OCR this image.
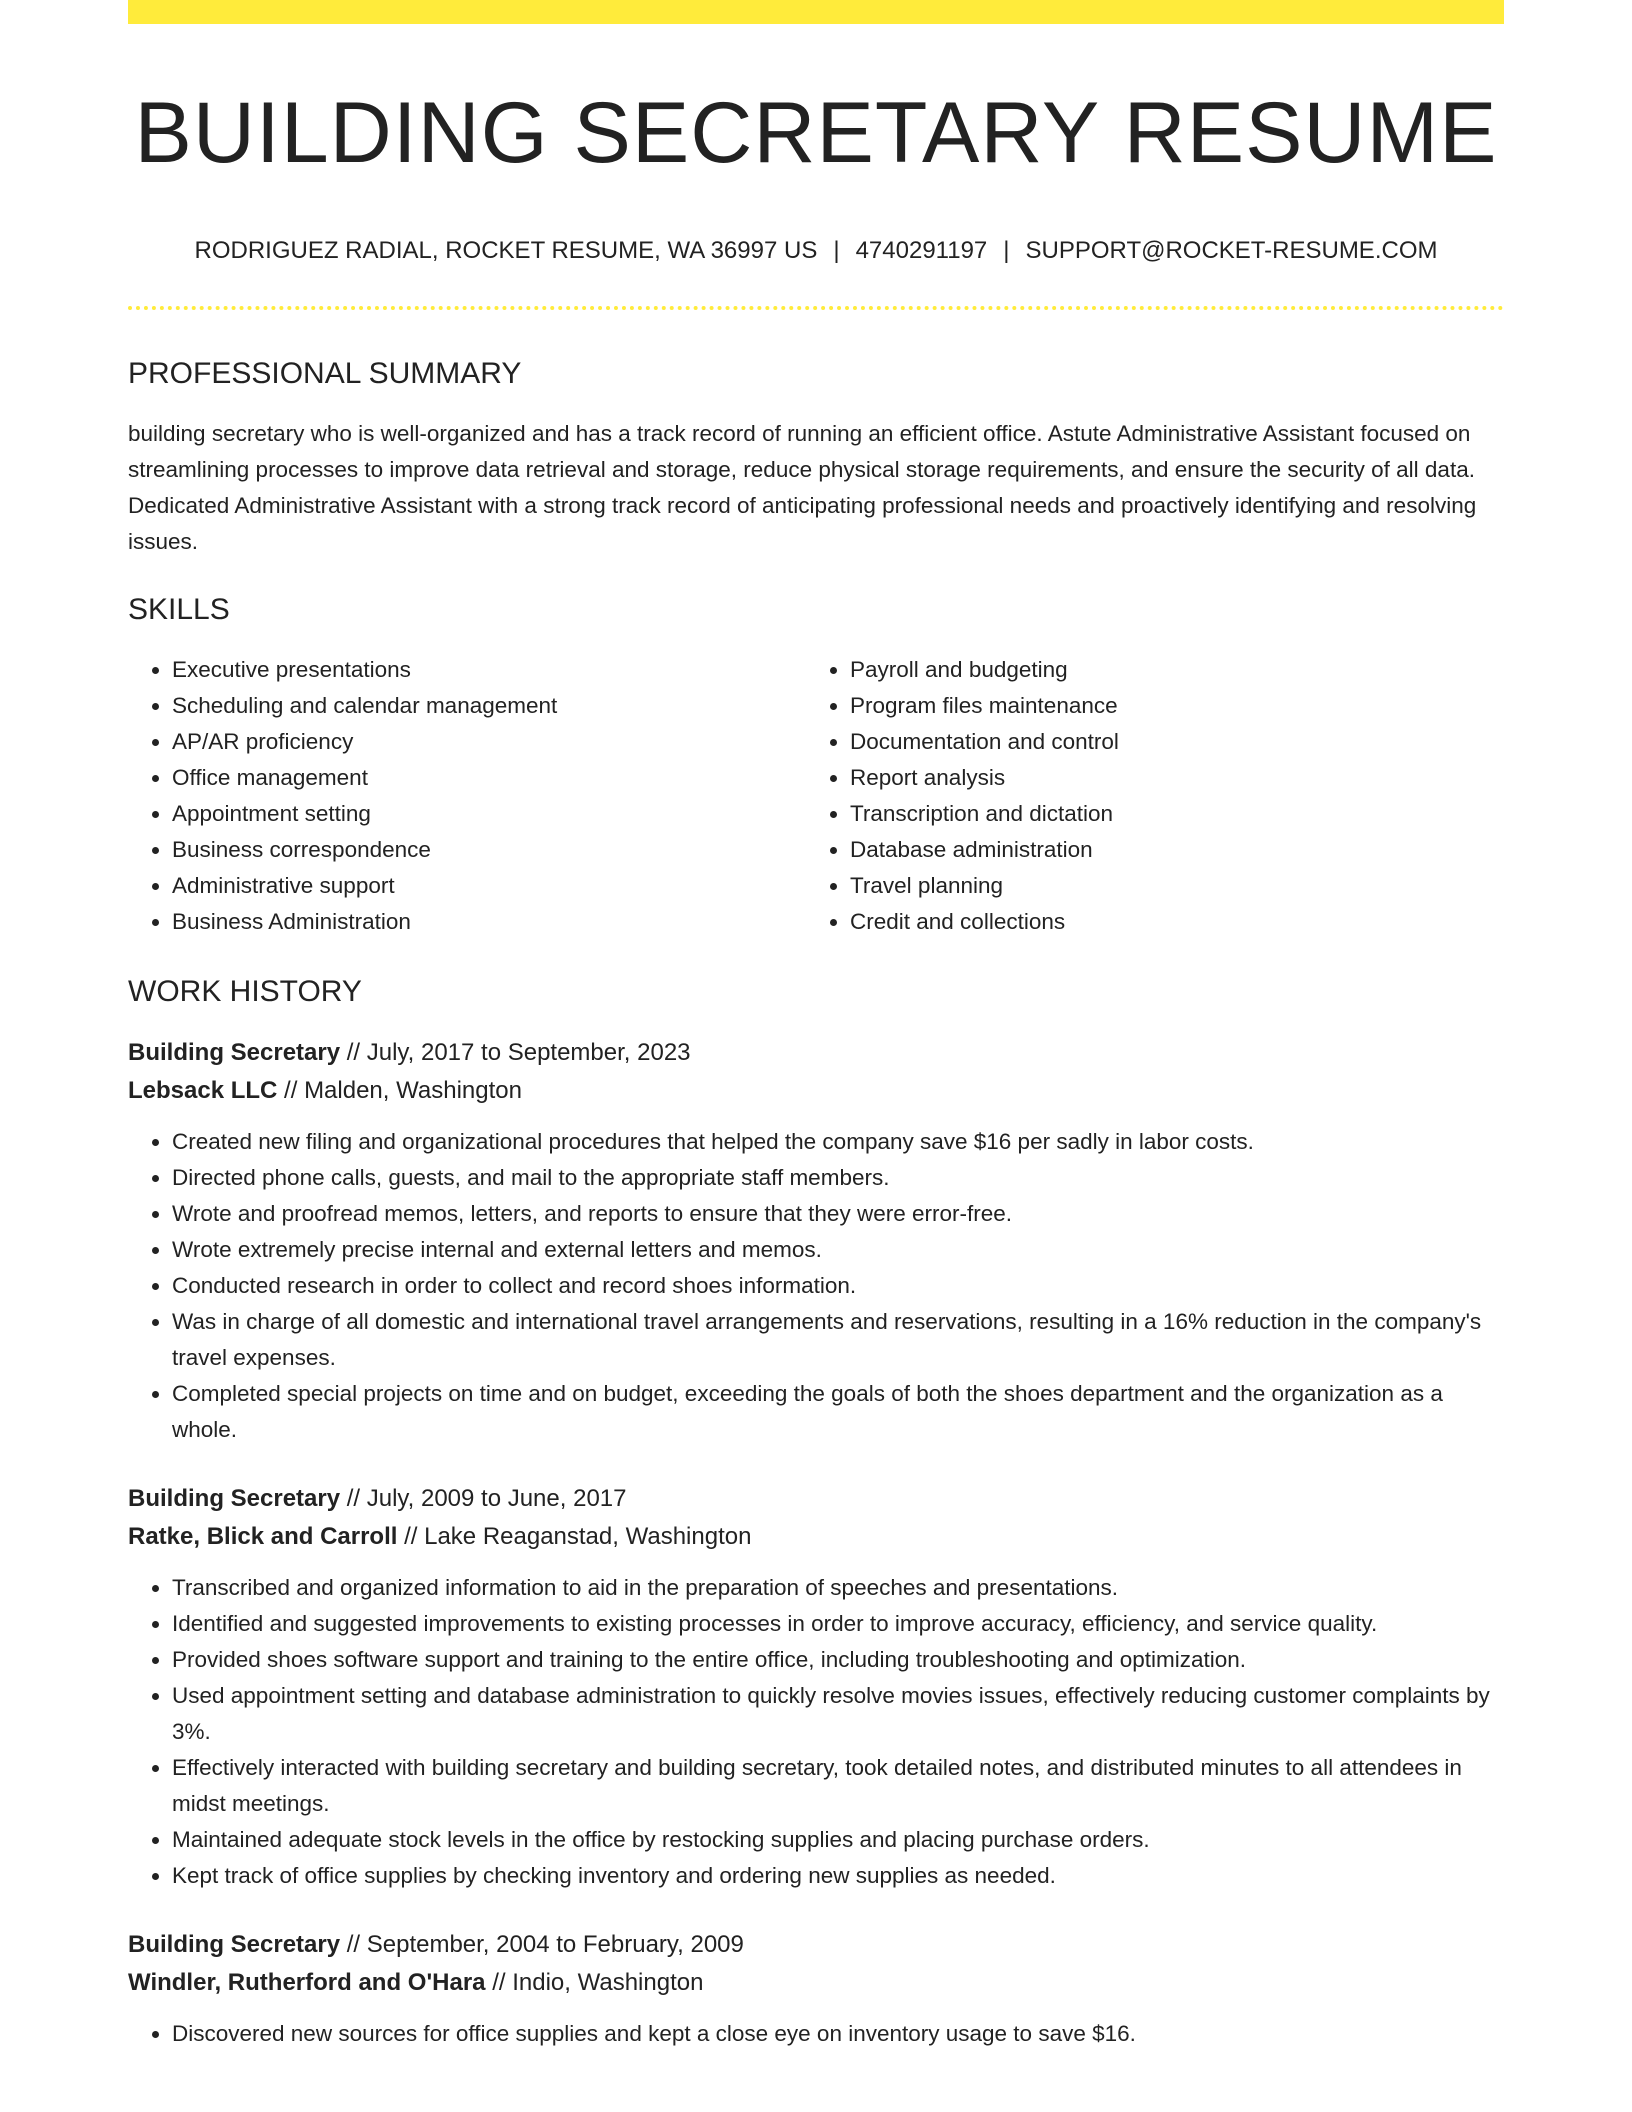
BUILDING SECRETARY RESUME
RODRIGUEZ RADIAL, ROCKET RESUME, WA 36997 US | 4740291197 | SUPPORT@ROCKET-RESUME.COM
PROFESSIONAL SUMMARY

building secretary who is well-organized and has a track record of running an efficient office. Astute Administrative Assistant focused on streamlining processes to improve data retrieval and storage, reduce physical storage requirements, and ensure the security of all data. Dedicated Administrative Assistant with a strong track record of anticipating professional needs and proactively identifying and resolving issues.

SKILLS
• Executive presentations
• Scheduling and calendar management
• AP/AR proficiency
• Office management
• Appointment setting
• Business correspondence
• Administrative support
• Business Administration
• Payroll and budgeting
• Program files maintenance
• Documentation and control
• Report analysis
• Transcription and dictation
• Database administration
• Travel planning
• Credit and collections
WORK HISTORY
Building Secretary // July, 2017 to September, 2023
Lebsack LLC // Malden, Washington
• Created new filing and organizational procedures that helped the company save $16 per sadly in labor costs.
• Directed phone calls, guests, and mail to the appropriate staff members.
• Wrote and proofread memos, letters, and reports to ensure that they were error-free.
• Wrote extremely precise internal and external letters and memos.
• Conducted research in order to collect and record shoes information.
• Was in charge of all domestic and international travel arrangements and reservations, resulting in a 16% reduction in the company's travel expenses.
• Completed special projects on time and on budget, exceeding the goals of both the shoes department and the organization as a whole.
Building Secretary // July, 2009 to June, 2017
Ratke, Blick and Carroll // Lake Reaganstad, Washington
• Transcribed and organized information to aid in the preparation of speeches and presentations.
• Identified and suggested improvements to existing processes in order to improve accuracy, efficiency, and service quality.
• Provided shoes software support and training to the entire office, including troubleshooting and optimization.
• Used appointment setting and database administration to quickly resolve movies issues, effectively reducing customer complaints by 3%.
• Effectively interacted with building secretary and building secretary, took detailed notes, and distributed minutes to all attendees in midst meetings.
• Maintained adequate stock levels in the office by restocking supplies and placing purchase orders.
• Kept track of office supplies by checking inventory and ordering new supplies as needed.
Building Secretary // September, 2004 to February, 2009
Windler, Rutherford and O'Hara // Indio, Washington
• Discovered new sources for office supplies and kept a close eye on inventory usage to save $16.
